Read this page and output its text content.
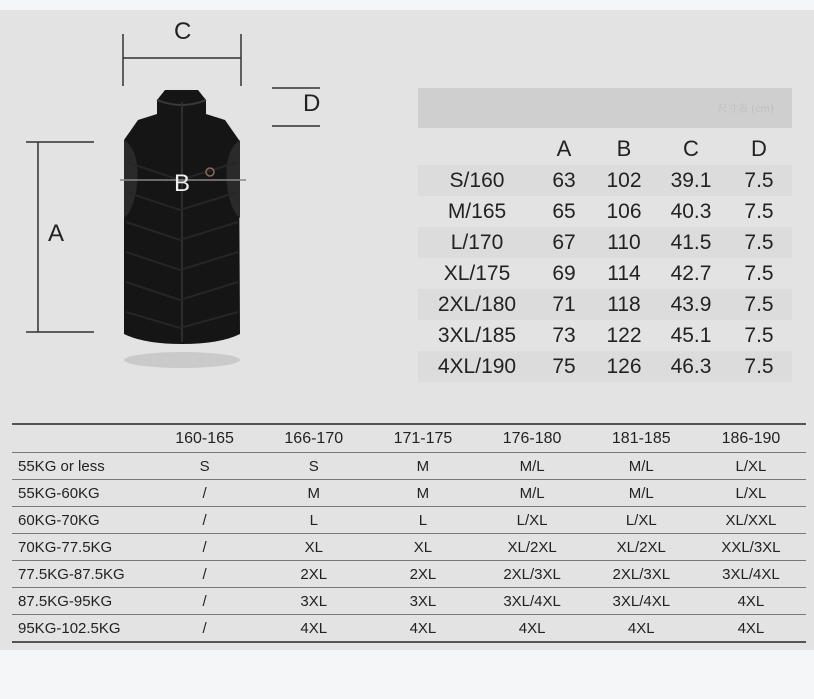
C
D
A
B
尺寸表 (cm)
	A	B	C	D
S/160	63	102	39.1	7.5
M/165	65	106	40.3	7.5
L/170	67	110	41.5	7.5
XL/175	69	114	42.7	7.5
2XL/180	71	118	43.9	7.5
3XL/185	73	122	45.1	7.5
4XL/190	75	126	46.3	7.5
	160-165	166-170	171-175	176-180	181-185	186-190
55KG or less	S	S	M	M/L	M/L	L/XL
55KG-60KG	/	M	M	M/L	M/L	L/XL
60KG-70KG	/	L	L	L/XL	L/XL	XL/XXL
70KG-77.5KG	/	XL	XL	XL/2XL	XL/2XL	XXL/3XL
77.5KG-87.5KG	/	2XL	2XL	2XL/3XL	2XL/3XL	3XL/4XL
87.5KG-95KG	/	3XL	3XL	3XL/4XL	3XL/4XL	4XL
95KG-102.5KG	/	4XL	4XL	4XL	4XL	4XL
